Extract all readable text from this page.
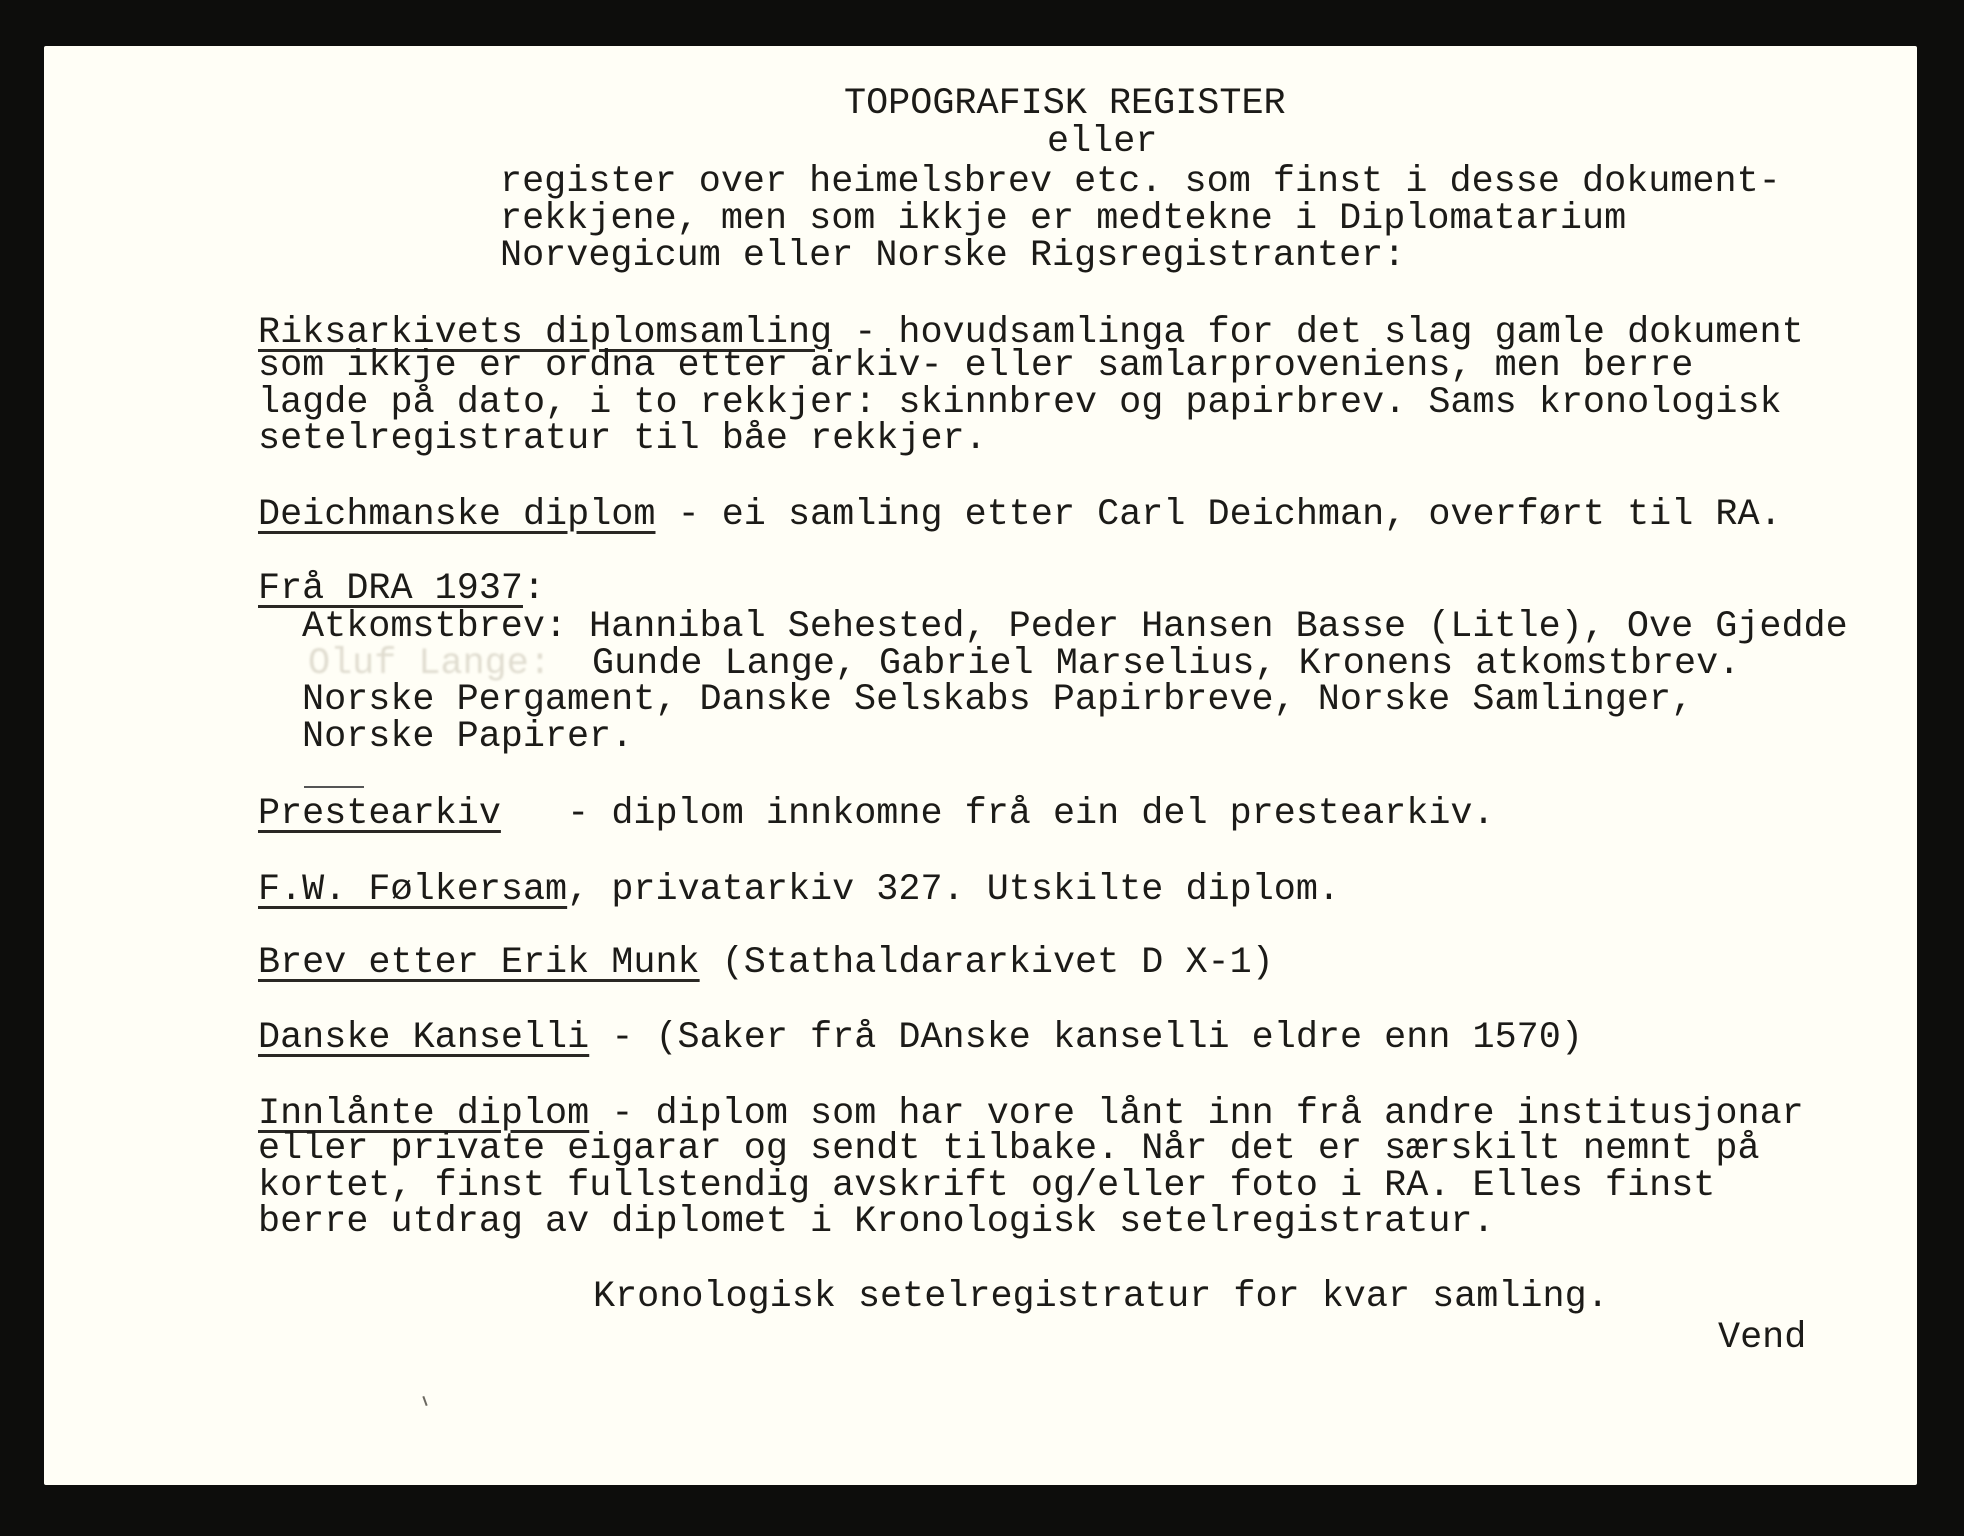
TOPOGRAFISK REGISTER
eller
register over heimelsbrev etc. som finst i desse dokument-
rekkjene, men som ikkje er medtekne i Diplomatarium
Norvegicum eller Norske Rigsregistranter:
Riksarkivets diplomsamling - hovudsamlinga for det slag gamle dokument
som ikkje er ordna etter arkiv- eller samlarproveniens, men berre
lagde på dato, i to rekkjer: skinnbrev og papirbrev. Sams kronologisk
setelregistratur til båe rekkjer.
Deichmanske diplom - ei samling etter Carl Deichman, overført til RA.
Frå DRA 1937:
Atkomstbrev: Hannibal Sehested, Peder Hansen Basse (Litle), Ove Gjedde
Oluf Lange: Gunde Lange, Gabriel Marselius, Kronens atkomstbrev.
Norske Pergament, Danske Selskabs Papirbreve, Norske Samlinger,
Norske Papirer.
Prestearkiv   - diplom innkomne frå ein del prestearkiv.
F.W. Følkersam, privatarkiv 327. Utskilte diplom.
Brev etter Erik Munk (Stathaldararkivet D X-1)
Danske Kanselli - (Saker frå DAnske kanselli eldre enn 1570)
Innlånte diplom - diplom som har vore lånt inn frå andre institusjonar
eller private eigarar og sendt tilbake. Når det er særskilt nemnt på
kortet, finst fullstendig avskrift og/eller foto i RA. Elles finst
berre utdrag av diplomet i Kronologisk setelregistratur.
Kronologisk setelregistratur for kvar samling.
Vend
